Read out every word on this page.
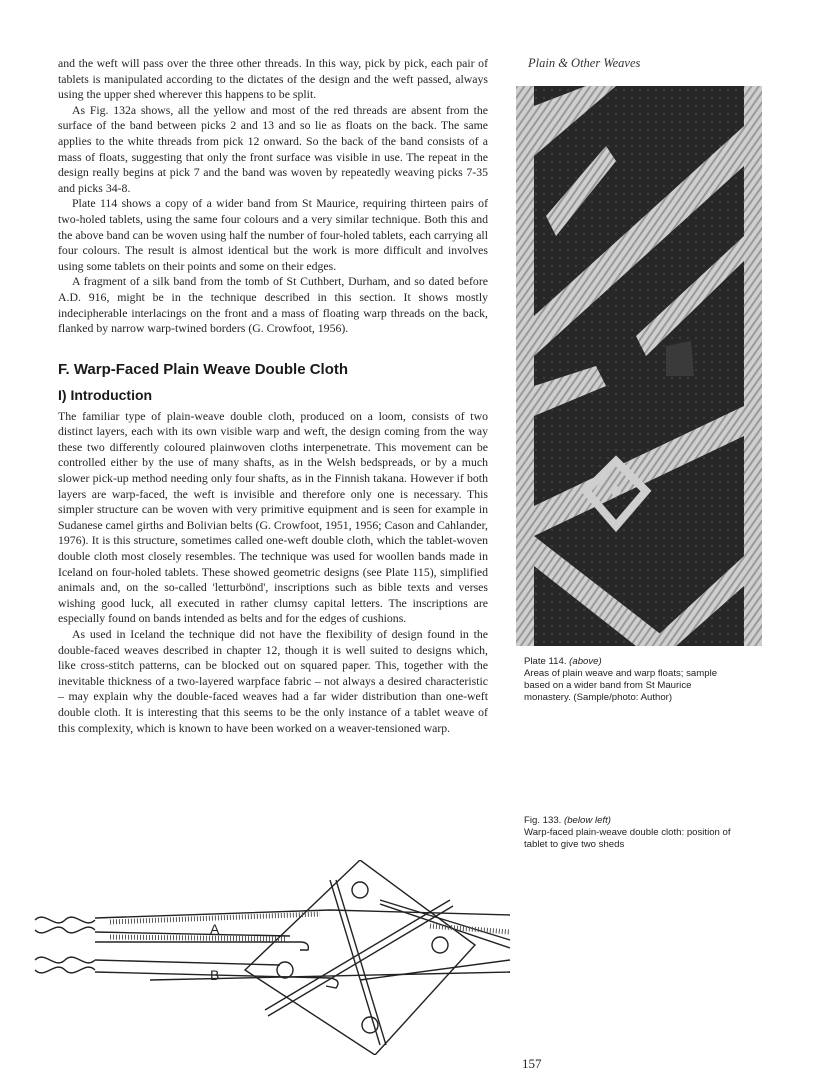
Plain & Other Weaves

and the weft will pass over the three other threads. In this way, pick by pick, each pair of tablets is manipulated according to the dictates of the design and the weft passed, always using the upper shed wherever this happens to be split.

As Fig. 132a shows, all the yellow and most of the red threads are absent from the surface of the band between picks 2 and 13 and so lie as floats on the back. The same applies to the white threads from pick 12 onward. So the back of the band consists of a mass of floats, suggesting that only the front surface was visible in use. The repeat in the design really begins at pick 7 and the band was woven by repeatedly weaving picks 7-35 and picks 34-8.

Plate 114 shows a copy of a wider band from St Maurice, requiring thirteen pairs of two-holed tablets, using the same four colours and a very similar technique. Both this and the above band can be woven using half the number of four-holed tablets, each carrying all four colours. The result is almost identical but the work is more difficult and involves using some tablets on their points and some on their edges.

A fragment of a silk band from the tomb of St Cuthbert, Durham, and so dated before A.D. 916, might be in the technique described in this section. It shows mostly indecipherable interlacings on the front and a mass of floating warp threads on the back, flanked by narrow warp-twined borders (G. Crowfoot, 1956).

F. Warp-Faced Plain Weave Double Cloth
I) Introduction

The familiar type of plain-weave double cloth, produced on a loom, consists of two distinct layers, each with its own visible warp and weft, the design coming from the way these two differently coloured plainwoven cloths interpenetrate. This movement can be controlled either by the use of many shafts, as in the Welsh bedspreads, or by a much slower pick-up method needing only four shafts, as in the Finnish takana. However if both layers are warp-faced, the weft is invisible and therefore only one is necessary. This simpler structure can be woven with very primitive equipment and is seen for example in Sudanese camel girths and Bolivian belts (G. Crowfoot, 1951, 1956; Cason and Cahlander, 1976). It is this structure, sometimes called one-weft double cloth, which the tablet-woven double cloth most closely resembles. The technique was used for woollen bands made in Iceland on four-holed tablets. These showed geometric designs (see Plate 115), simplified animals and, on the so-called 'letturbönd', inscriptions such as bible texts and verses wishing good luck, all executed in rather clumsy capital letters. The inscriptions are especially found on bands intended as belts and for the edges of cushions.

As used in Iceland the technique did not have the flexibility of design found in the double-faced weaves described in chapter 12, though it is well suited to designs which, like cross-stitch patterns, can be blocked out on squared paper. This, together with the inevitable thickness of a two-layered warpface fabric – not always a desired characteristic – may explain why the double-faced weaves had a far wider distribution than one-weft double cloth. It is interesting that this seems to be the only instance of a tablet weave of this complexity, which is known to have been worked on a weaver-tensioned warp.

Plate 114. (above)
Areas of plain weave and warp floats; sample based on a wider band from St Maurice monastery. (Sample/photo: Author)
Fig. 133. (below left)
Warp-faced plain-weave double cloth: position of tablet to give two sheds
A
B
157
